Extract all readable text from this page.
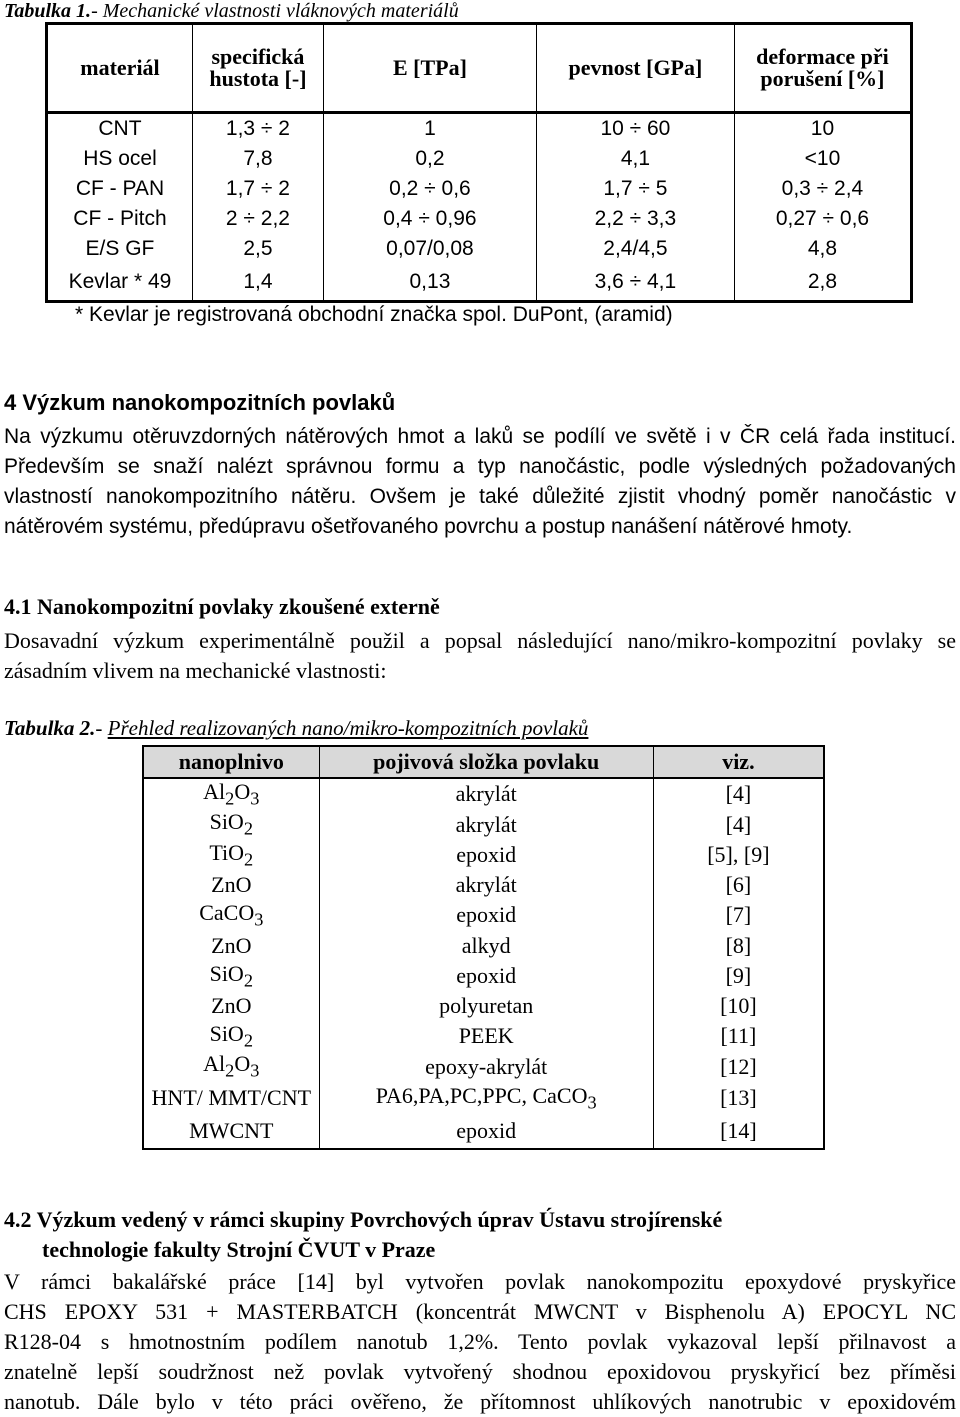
Tabulka 1.- Mechanické vlastnosti vláknových materiálů
materiál	specifická hustota [-]	E [TPa]	pevnost [GPa]	deformace při porušení [%]
CNT	1,3 ÷ 2	1	10 ÷ 60	10
HS ocel	7,8	0,2	4,1	<10
CF - PAN	1,7 ÷ 2	0,2 ÷ 0,6	1,7 ÷ 5	0,3 ÷ 2,4
CF - Pitch	2 ÷ 2,2	0,4 ÷ 0,96	2,2 ÷ 3,3	0,27 ÷ 0,6
E/S GF	2,5	0,07/0,08	2,4/4,5	4,8
Kevlar * 49	1,4	0,13	3,6 ÷ 4,1	2,8
* Kevlar je registrovaná obchodní značka spol. DuPont, (aramid)
4 Výzkum nanokompozitních povlaků
Na výzkumu otěruvzdorných nátěrových hmot a laků se podílí ve světě i v ČR celá řada institucí. Především se snaží nalézt správnou formu a typ nanočástic, podle výsledných požadovaných vlastností nanokompozitního nátěru. Ovšem je také důležité zjistit vhodný poměr nanočástic v nátěrovém systému, předúpravu ošetřovaného povrchu a postup nanášení nátěrové hmoty.
4.1 Nanokompozitní povlaky zkoušené externě
Dosavadní výzkum experimentálně použil a popsal následující nano/mikro-kompozitní povlaky se zásadním vlivem na mechanické vlastnosti:
Tabulka 2.- Přehled realizovaných nano/mikro-kompozitních povlaků
nanoplnivo	pojivová složka povlaku	viz.
$Al_2O_3$	akrylát	[4]
SiO$_2$	akrylát	[4]
TiO$_2$	epoxid	[5], [9]
ZnO	akrylát	[6]
CaCO$_3$	epoxid	[7]
ZnO	alkyd	[8]
SiO$_2$	epoxid	[9]
ZnO	polyuretan	[10]
SiO$_2$	PEEK	[11]
$Al_2O_3$	epoxy-akrylát	[12]
HNT/ MMT/CNT	PA6,PA,PC,PPC, CaCO$_3$	[13]
MWCNT	epoxid	[14]
4.2 Výzkum vedený v rámci skupiny Povrchových úprav Ústavu strojírenské
technologie fakulty Strojní ČVUT v Praze
V rámci bakalářské práce [14] byl vytvořen povlak nanokompozitu epoxydové pryskyřice
CHS EPOXY 531 + MASTERBATCH (koncentrát MWCNT v Bisphenolu A) EPOCYL NC
R128-04 s hmotnostním podílem nanotub 1,2%. Tento povlak vykazoval lepší přilnavost a
znatelně lepší soudržnost než povlak vytvořený shodnou epoxidovou pryskyřicí bez příměsi
nanotub. Dále bylo v této práci ověřeno, že přítomnost uhlíkových nanotrubic v epoxidovém
